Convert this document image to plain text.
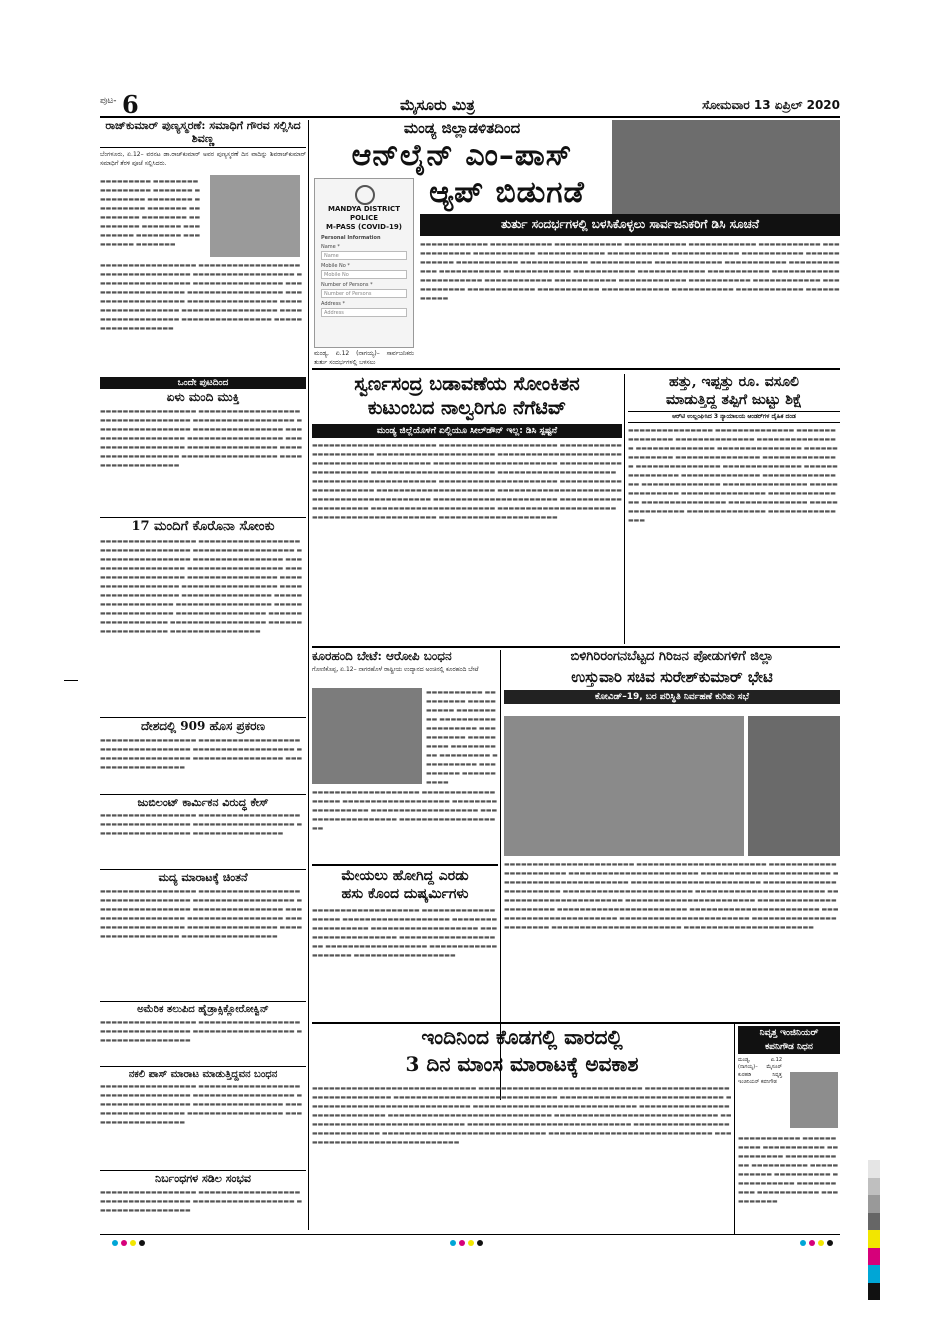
ಪುಟ- 6	ಮೈಸೂರು ಮಿತ್ರ	ಸೋಮವಾರ 13 ಏಪ್ರಿಲ್ 2020
ರಾಜ್‌ಕುಮಾರ್ ಪುಣ್ಯಸ್ಮರಣೆ: ಸಮಾಧಿಗೆ ಗೌರವ ಸಲ್ಲಿಸಿದ ಶಿವಣ್ಣ
ಬೆಂಗಳೂರು, ಏ.12– ವರನಟ ಡಾ.ರಾಜ್‌ಕುಮಾರ್ ಅವರ ಪುಣ್ಯಸ್ಮರಣೆ ದಿನ ವಾದಿನ್ನು ಶಿವರಾಜ್‌ಕುಮಾರ್ ಸಮಾಧಿಗೆ ತೆರಳಿ ಪೂಜೆ ಸಲ್ಲಿಸಿದರು.
▬▬▬▬▬▬▬▬▬ ▬▬▬▬▬▬▬▬ ▬▬▬▬▬▬▬▬▬ ▬▬▬▬▬▬▬ ▬▬▬▬▬▬▬▬▬ ▬▬▬▬▬▬▬▬ ▬▬▬▬▬▬▬▬▬ ▬▬▬▬▬▬▬ ▬▬▬▬▬▬▬▬▬ ▬▬▬▬▬▬▬▬ ▬▬▬▬▬▬▬▬▬ ▬▬▬▬▬▬▬ ▬▬▬▬▬▬▬▬▬ ▬▬▬▬▬▬▬▬ ▬▬▬▬▬▬▬▬▬ ▬▬▬▬▬▬▬
▬▬▬▬▬▬▬▬▬▬▬▬▬▬▬▬▬ ▬▬▬▬▬▬▬▬▬▬▬▬▬▬▬▬▬▬ ▬▬▬▬▬▬▬▬▬▬▬▬▬▬▬▬ ▬▬▬▬▬▬▬▬▬▬▬▬▬▬▬▬▬▬ ▬▬▬▬▬▬▬▬▬▬▬▬▬▬▬▬▬ ▬▬▬▬▬▬▬▬▬▬▬▬▬▬▬▬ ▬▬▬▬▬▬▬▬▬▬▬▬▬▬▬▬▬▬ ▬▬▬▬▬▬▬▬▬▬▬▬▬▬▬▬▬ ▬▬▬▬▬▬▬▬▬▬▬▬▬▬▬▬▬▬ ▬▬▬▬▬▬▬▬▬▬▬▬▬▬▬▬ ▬▬▬▬▬▬▬▬▬▬▬▬▬▬▬▬▬▬ ▬▬▬▬▬▬▬▬▬▬▬▬▬▬▬▬▬ ▬▬▬▬▬▬▬▬▬▬▬▬▬▬▬▬▬▬ ▬▬▬▬▬▬▬▬▬▬▬▬▬▬▬▬ ▬▬▬▬▬▬▬▬▬▬▬▬▬▬▬▬▬▬
ಒಂದೇ ಪುಟದಿಂದ
ಏಳು ಮಂದಿ ಮುಕ್ತಿ
▬▬▬▬▬▬▬▬▬▬▬▬▬▬▬▬▬ ▬▬▬▬▬▬▬▬▬▬▬▬▬▬▬▬▬▬ ▬▬▬▬▬▬▬▬▬▬▬▬▬▬▬▬ ▬▬▬▬▬▬▬▬▬▬▬▬▬▬▬▬▬▬ ▬▬▬▬▬▬▬▬▬▬▬▬▬▬▬▬▬ ▬▬▬▬▬▬▬▬▬▬▬▬▬▬▬▬ ▬▬▬▬▬▬▬▬▬▬▬▬▬▬▬▬▬▬ ▬▬▬▬▬▬▬▬▬▬▬▬▬▬▬▬▬ ▬▬▬▬▬▬▬▬▬▬▬▬▬▬▬▬▬▬ ▬▬▬▬▬▬▬▬▬▬▬▬▬▬▬▬ ▬▬▬▬▬▬▬▬▬▬▬▬▬▬▬▬▬▬ ▬▬▬▬▬▬▬▬▬▬▬▬▬▬▬▬▬ ▬▬▬▬▬▬▬▬▬▬▬▬▬▬▬▬▬▬
17 ಮಂದಿಗೆ ಕೊರೊನಾ ಸೋಂಕು
▬▬▬▬▬▬▬▬▬▬▬▬▬▬▬▬▬ ▬▬▬▬▬▬▬▬▬▬▬▬▬▬▬▬▬▬ ▬▬▬▬▬▬▬▬▬▬▬▬▬▬▬▬ ▬▬▬▬▬▬▬▬▬▬▬▬▬▬▬▬▬▬ ▬▬▬▬▬▬▬▬▬▬▬▬▬▬▬▬▬ ▬▬▬▬▬▬▬▬▬▬▬▬▬▬▬▬ ▬▬▬▬▬▬▬▬▬▬▬▬▬▬▬▬▬▬ ▬▬▬▬▬▬▬▬▬▬▬▬▬▬▬▬▬ ▬▬▬▬▬▬▬▬▬▬▬▬▬▬▬▬▬▬ ▬▬▬▬▬▬▬▬▬▬▬▬▬▬▬▬ ▬▬▬▬▬▬▬▬▬▬▬▬▬▬▬▬▬▬ ▬▬▬▬▬▬▬▬▬▬▬▬▬▬▬▬▬ ▬▬▬▬▬▬▬▬▬▬▬▬▬▬▬▬▬▬ ▬▬▬▬▬▬▬▬▬▬▬▬▬▬▬▬ ▬▬▬▬▬▬▬▬▬▬▬▬▬▬▬▬▬▬ ▬▬▬▬▬▬▬▬▬▬▬▬▬▬▬▬▬ ▬▬▬▬▬▬▬▬▬▬▬▬▬▬▬▬▬▬ ▬▬▬▬▬▬▬▬▬▬▬▬▬▬▬▬ ▬▬▬▬▬▬▬▬▬▬▬▬▬▬▬▬▬▬ ▬▬▬▬▬▬▬▬▬▬▬▬▬▬▬▬▬ ▬▬▬▬▬▬▬▬▬▬▬▬▬▬▬▬▬▬ ▬▬▬▬▬▬▬▬▬▬▬▬▬▬▬▬
ದೇಶದಲ್ಲಿ 909 ಹೊಸ ಪ್ರಕರಣ
▬▬▬▬▬▬▬▬▬▬▬▬▬▬▬▬▬ ▬▬▬▬▬▬▬▬▬▬▬▬▬▬▬▬▬▬ ▬▬▬▬▬▬▬▬▬▬▬▬▬▬▬▬ ▬▬▬▬▬▬▬▬▬▬▬▬▬▬▬▬▬▬ ▬▬▬▬▬▬▬▬▬▬▬▬▬▬▬▬▬ ▬▬▬▬▬▬▬▬▬▬▬▬▬▬▬▬ ▬▬▬▬▬▬▬▬▬▬▬▬▬▬▬▬▬▬
ಜುಬಿಲಂಟ್ ಕಾರ್ಮಿಕನ ವಿರುದ್ಧ ಕೇಸ್
▬▬▬▬▬▬▬▬▬▬▬▬▬▬▬▬▬ ▬▬▬▬▬▬▬▬▬▬▬▬▬▬▬▬▬▬ ▬▬▬▬▬▬▬▬▬▬▬▬▬▬▬▬ ▬▬▬▬▬▬▬▬▬▬▬▬▬▬▬▬▬▬ ▬▬▬▬▬▬▬▬▬▬▬▬▬▬▬▬▬ ▬▬▬▬▬▬▬▬▬▬▬▬▬▬▬▬
ಮದ್ಯ ಮಾರಾಟಕ್ಕೆ ಚಿಂತನೆ
▬▬▬▬▬▬▬▬▬▬▬▬▬▬▬▬▬ ▬▬▬▬▬▬▬▬▬▬▬▬▬▬▬▬▬▬ ▬▬▬▬▬▬▬▬▬▬▬▬▬▬▬▬ ▬▬▬▬▬▬▬▬▬▬▬▬▬▬▬▬▬▬ ▬▬▬▬▬▬▬▬▬▬▬▬▬▬▬▬▬ ▬▬▬▬▬▬▬▬▬▬▬▬▬▬▬▬ ▬▬▬▬▬▬▬▬▬▬▬▬▬▬▬▬▬▬ ▬▬▬▬▬▬▬▬▬▬▬▬▬▬▬▬▬ ▬▬▬▬▬▬▬▬▬▬▬▬▬▬▬▬▬▬ ▬▬▬▬▬▬▬▬▬▬▬▬▬▬▬▬ ▬▬▬▬▬▬▬▬▬▬▬▬▬▬▬▬▬▬ ▬▬▬▬▬▬▬▬▬▬▬▬▬▬▬▬▬
ಅಮೆರಿಕ ತಲುಪಿದ ಹೈಡ್ರಾಕ್ಸಿಕ್ಲೋರೋಕ್ವಿನ್
▬▬▬▬▬▬▬▬▬▬▬▬▬▬▬▬▬ ▬▬▬▬▬▬▬▬▬▬▬▬▬▬▬▬▬▬ ▬▬▬▬▬▬▬▬▬▬▬▬▬▬▬▬ ▬▬▬▬▬▬▬▬▬▬▬▬▬▬▬▬▬▬ ▬▬▬▬▬▬▬▬▬▬▬▬▬▬▬▬▬
ನಕಲಿ ಪಾಸ್ ಮಾರಾಟ ಮಾಡುತ್ತಿದ್ದವನ ಬಂಧನ
▬▬▬▬▬▬▬▬▬▬▬▬▬▬▬▬▬ ▬▬▬▬▬▬▬▬▬▬▬▬▬▬▬▬▬▬ ▬▬▬▬▬▬▬▬▬▬▬▬▬▬▬▬ ▬▬▬▬▬▬▬▬▬▬▬▬▬▬▬▬▬▬ ▬▬▬▬▬▬▬▬▬▬▬▬▬▬▬▬▬ ▬▬▬▬▬▬▬▬▬▬▬▬▬▬▬▬ ▬▬▬▬▬▬▬▬▬▬▬▬▬▬▬▬▬▬ ▬▬▬▬▬▬▬▬▬▬▬▬▬▬▬▬▬ ▬▬▬▬▬▬▬▬▬▬▬▬▬▬▬▬▬▬
ನಿರ್ಬಂಧಗಳ ಸಡಿಲ ಸಂಭವ
▬▬▬▬▬▬▬▬▬▬▬▬▬▬▬▬▬ ▬▬▬▬▬▬▬▬▬▬▬▬▬▬▬▬▬▬ ▬▬▬▬▬▬▬▬▬▬▬▬▬▬▬▬ ▬▬▬▬▬▬▬▬▬▬▬▬▬▬▬▬▬▬ ▬▬▬▬▬▬▬▬▬▬▬▬▬▬▬▬▬
ಮಂಡ್ಯ ಜಿಲ್ಲಾಡಳಿತದಿಂದ
ಆನ್‌ಲೈನ್ ಎಂ–ಪಾಸ್
ಆ್ಯಪ್ ಬಿಡುಗಡೆ
ತುರ್ತು ಸಂದರ್ಭಗಳಲ್ಲಿ ಬಳಸಿಕೊಳ್ಳಲು ಸಾರ್ವಜನಿಕರಿಗೆ ಡಿಸಿ ಸೂಚನೆ
MANDYA DISTRICT
POLICE
M-PASS (COVID-19)
Personal Information
Name *
Name
Mobile No *
Mobile No
Number of Persons *
Number of Persons
Address *
Address
ಮಂಡ್ಯ, ಏ.12 (ನಾಗಯ್ಯ)– ಸಾರ್ವಜನಿಕರು ತುರ್ತು ಸಂದರ್ಭಗಳಲ್ಲಿ ಬಳಸಲು
▬▬▬▬▬▬▬▬▬▬▬▬ ▬▬▬▬▬▬▬▬▬▬▬ ▬▬▬▬▬▬▬▬▬▬▬▬ ▬▬▬▬▬▬▬▬▬▬▬ ▬▬▬▬▬▬▬▬▬▬▬▬ ▬▬▬▬▬▬▬▬▬▬▬ ▬▬▬▬▬▬▬▬▬▬▬▬ ▬▬▬▬▬▬▬▬▬▬▬ ▬▬▬▬▬▬▬▬▬▬▬▬ ▬▬▬▬▬▬▬▬▬▬▬ ▬▬▬▬▬▬▬▬▬▬▬▬ ▬▬▬▬▬▬▬▬▬▬▬ ▬▬▬▬▬▬▬▬▬▬▬▬ ▬▬▬▬▬▬▬▬▬▬▬ ▬▬▬▬▬▬▬▬▬▬▬▬ ▬▬▬▬▬▬▬▬▬▬▬ ▬▬▬▬▬▬▬▬▬▬▬▬ ▬▬▬▬▬▬▬▬▬▬▬ ▬▬▬▬▬▬▬▬▬▬▬▬ ▬▬▬▬▬▬▬▬▬▬▬ ▬▬▬▬▬▬▬▬▬▬▬▬ ▬▬▬▬▬▬▬▬▬▬▬ ▬▬▬▬▬▬▬▬▬▬▬▬ ▬▬▬▬▬▬▬▬▬▬▬ ▬▬▬▬▬▬▬▬▬▬▬▬ ▬▬▬▬▬▬▬▬▬▬▬ ▬▬▬▬▬▬▬▬▬▬▬▬ ▬▬▬▬▬▬▬▬▬▬▬ ▬▬▬▬▬▬▬▬▬▬▬▬ ▬▬▬▬▬▬▬▬▬▬▬ ▬▬▬▬▬▬▬▬▬▬▬▬ ▬▬▬▬▬▬▬▬▬▬▬ ▬▬▬▬▬▬▬▬▬▬▬▬ ▬▬▬▬▬▬▬▬▬▬▬ ▬▬▬▬▬▬▬▬▬▬▬▬ ▬▬▬▬▬▬▬▬▬▬▬ ▬▬▬▬▬▬▬▬▬▬▬▬ ▬▬▬▬▬▬▬▬▬▬▬
ಸ್ವರ್ಣಸಂದ್ರ ಬಡಾವಣೆಯ ಸೋಂಕಿತನ
ಕುಟುಂಬದ ನಾಲ್ವರಿಗೂ ನೆಗೆಟಿವ್
ಮಂಡ್ಯ ಜಿಲ್ಲೆಯೊಳಗೆ ಏಲ್ಲಿಯೂ ಸೀಲ್‌ಡೌನ್ ಇಲ್ಲ: ಡಿಸಿ ಸ್ಪಷ್ಟನೆ
▬▬▬▬▬▬▬▬▬▬▬▬▬▬▬▬▬▬▬▬▬▬ ▬▬▬▬▬▬▬▬▬▬▬▬▬▬▬▬▬▬▬▬▬ ▬▬▬▬▬▬▬▬▬▬▬▬▬▬▬▬▬▬▬▬▬▬ ▬▬▬▬▬▬▬▬▬▬▬▬▬▬▬▬▬▬▬▬▬ ▬▬▬▬▬▬▬▬▬▬▬▬▬▬▬▬▬▬▬▬▬▬ ▬▬▬▬▬▬▬▬▬▬▬▬▬▬▬▬▬▬▬▬▬ ▬▬▬▬▬▬▬▬▬▬▬▬▬▬▬▬▬▬▬▬▬▬ ▬▬▬▬▬▬▬▬▬▬▬▬▬▬▬▬▬▬▬▬▬ ▬▬▬▬▬▬▬▬▬▬▬▬▬▬▬▬▬▬▬▬▬▬ ▬▬▬▬▬▬▬▬▬▬▬▬▬▬▬▬▬▬▬▬▬ ▬▬▬▬▬▬▬▬▬▬▬▬▬▬▬▬▬▬▬▬▬▬ ▬▬▬▬▬▬▬▬▬▬▬▬▬▬▬▬▬▬▬▬▬ ▬▬▬▬▬▬▬▬▬▬▬▬▬▬▬▬▬▬▬▬▬▬ ▬▬▬▬▬▬▬▬▬▬▬▬▬▬▬▬▬▬▬▬▬ ▬▬▬▬▬▬▬▬▬▬▬▬▬▬▬▬▬▬▬▬▬▬ ▬▬▬▬▬▬▬▬▬▬▬▬▬▬▬▬▬▬▬▬▬ ▬▬▬▬▬▬▬▬▬▬▬▬▬▬▬▬▬▬▬▬▬▬ ▬▬▬▬▬▬▬▬▬▬▬▬▬▬▬▬▬▬▬▬▬ ▬▬▬▬▬▬▬▬▬▬▬▬▬▬▬▬▬▬▬▬▬▬ ▬▬▬▬▬▬▬▬▬▬▬▬▬▬▬▬▬▬▬▬▬ ▬▬▬▬▬▬▬▬▬▬▬▬▬▬▬▬▬▬▬▬▬▬ ▬▬▬▬▬▬▬▬▬▬▬▬▬▬▬▬▬▬▬▬▬
ಹತ್ತು, ಇಪ್ಪತ್ತು ರೂ. ವಸೂಲಿ
ಮಾಡುತ್ತಿದ್ದ ತಪ್ಪಿಗೆ ಜುಟ್ಟು ಶಿಕ್ಷೆ
ಆರ್‌ಟಿ ಉಲ್ಲಂಘಿಸಿದ 3 ನ್ಯಾಯಾಲಯ ಆಂಡರ್‌ಗಳ ದೈಹಿಕ ದಂಡ
▬▬▬▬▬▬▬▬▬▬▬▬▬▬▬ ▬▬▬▬▬▬▬▬▬▬▬▬▬▬ ▬▬▬▬▬▬▬▬▬▬▬▬▬▬▬ ▬▬▬▬▬▬▬▬▬▬▬▬▬▬ ▬▬▬▬▬▬▬▬▬▬▬▬▬▬▬ ▬▬▬▬▬▬▬▬▬▬▬▬▬▬ ▬▬▬▬▬▬▬▬▬▬▬▬▬▬▬ ▬▬▬▬▬▬▬▬▬▬▬▬▬▬ ▬▬▬▬▬▬▬▬▬▬▬▬▬▬▬ ▬▬▬▬▬▬▬▬▬▬▬▬▬▬ ▬▬▬▬▬▬▬▬▬▬▬▬▬▬▬ ▬▬▬▬▬▬▬▬▬▬▬▬▬▬ ▬▬▬▬▬▬▬▬▬▬▬▬▬▬▬ ▬▬▬▬▬▬▬▬▬▬▬▬▬▬ ▬▬▬▬▬▬▬▬▬▬▬▬▬▬▬ ▬▬▬▬▬▬▬▬▬▬▬▬▬▬ ▬▬▬▬▬▬▬▬▬▬▬▬▬▬▬ ▬▬▬▬▬▬▬▬▬▬▬▬▬▬ ▬▬▬▬▬▬▬▬▬▬▬▬▬▬▬ ▬▬▬▬▬▬▬▬▬▬▬▬▬▬ ▬▬▬▬▬▬▬▬▬▬▬▬▬▬▬ ▬▬▬▬▬▬▬▬▬▬▬▬▬▬ ▬▬▬▬▬▬▬▬▬▬▬▬▬▬▬ ▬▬▬▬▬▬▬▬▬▬▬▬▬▬ ▬▬▬▬▬▬▬▬▬▬▬▬▬▬▬
ಕೂರಹಂದಿ ಬೇಟೆ: ಆರೋಪಿ ಬಂಧನ
ಗೋಣಿಕೊಪ್ಪ, ಏ.12– ನಾಗರಹೊಳೆ ರಾಷ್ಟ್ರೀಯ ಉದ್ಯಾನದ ಅಂಚಿನಲ್ಲಿ ಕೂರಹಂದಿ ಬೇಟೆ
▬▬▬▬▬▬▬▬▬▬ ▬▬▬▬▬▬▬▬▬ ▬▬▬▬▬▬▬▬▬▬ ▬▬▬▬▬▬▬▬▬ ▬▬▬▬▬▬▬▬▬▬ ▬▬▬▬▬▬▬▬▬ ▬▬▬▬▬▬▬▬▬▬ ▬▬▬▬▬▬▬▬▬ ▬▬▬▬▬▬▬▬▬▬ ▬▬▬▬▬▬▬▬▬ ▬▬▬▬▬▬▬▬▬▬ ▬▬▬▬▬▬▬▬▬ ▬▬▬▬▬▬▬▬▬▬
▬▬▬▬▬▬▬▬▬▬▬▬▬▬▬▬▬▬▬ ▬▬▬▬▬▬▬▬▬▬▬▬▬▬▬▬▬▬ ▬▬▬▬▬▬▬▬▬▬▬▬▬▬▬▬▬▬▬ ▬▬▬▬▬▬▬▬▬▬▬▬▬▬▬▬▬▬ ▬▬▬▬▬▬▬▬▬▬▬▬▬▬▬▬▬▬▬ ▬▬▬▬▬▬▬▬▬▬▬▬▬▬▬▬▬▬ ▬▬▬▬▬▬▬▬▬▬▬▬▬▬▬▬▬▬▬
ಬಿಳಿಗಿರಿರಂಗನಬೆಟ್ಟದ ಗಿರಿಜನ ಪೋಡುಗಳಿಗೆ ಜಿಲ್ಲಾ
ಉಸ್ತುವಾರಿ ಸಚಿವ ಸುರೇಶ್‌ಕುಮಾರ್ ಭೇಟಿ
ಕೋವಿಡ್–19, ಬರ ಪರಿಸ್ಥಿತಿ ನಿರ್ವಹಣೆ ಕುರಿತು ಸಭೆ
▬▬▬▬▬▬▬▬▬▬▬▬▬▬▬▬▬▬▬▬▬▬▬ ▬▬▬▬▬▬▬▬▬▬▬▬▬▬▬▬▬▬▬▬▬▬▬ ▬▬▬▬▬▬▬▬▬▬▬▬▬▬▬▬▬▬▬▬▬▬▬ ▬▬▬▬▬▬▬▬▬▬▬▬▬▬▬▬▬▬▬▬▬▬▬ ▬▬▬▬▬▬▬▬▬▬▬▬▬▬▬▬▬▬▬▬▬▬▬ ▬▬▬▬▬▬▬▬▬▬▬▬▬▬▬▬▬▬▬▬▬▬▬ ▬▬▬▬▬▬▬▬▬▬▬▬▬▬▬▬▬▬▬▬▬▬▬ ▬▬▬▬▬▬▬▬▬▬▬▬▬▬▬▬▬▬▬▬▬▬▬ ▬▬▬▬▬▬▬▬▬▬▬▬▬▬▬▬▬▬▬▬▬▬▬ ▬▬▬▬▬▬▬▬▬▬▬▬▬▬▬▬▬▬▬▬▬▬▬ ▬▬▬▬▬▬▬▬▬▬▬▬▬▬▬▬▬▬▬▬▬▬▬ ▬▬▬▬▬▬▬▬▬▬▬▬▬▬▬▬▬▬▬▬▬▬▬ ▬▬▬▬▬▬▬▬▬▬▬▬▬▬▬▬▬▬▬▬▬▬▬ ▬▬▬▬▬▬▬▬▬▬▬▬▬▬▬▬▬▬▬▬▬▬▬ ▬▬▬▬▬▬▬▬▬▬▬▬▬▬▬▬▬▬▬▬▬▬▬ ▬▬▬▬▬▬▬▬▬▬▬▬▬▬▬▬▬▬▬▬▬▬▬ ▬▬▬▬▬▬▬▬▬▬▬▬▬▬▬▬▬▬▬▬▬▬▬ ▬▬▬▬▬▬▬▬▬▬▬▬▬▬▬▬▬▬▬▬▬▬▬ ▬▬▬▬▬▬▬▬▬▬▬▬▬▬▬▬▬▬▬▬▬▬▬ ▬▬▬▬▬▬▬▬▬▬▬▬▬▬▬▬▬▬▬▬▬▬▬
ಮೇಯಲು ಹೋಗಿದ್ದ ಎರಡು
ಹಸು ಕೊಂದ ದುಷ್ಕರ್ಮಿಗಳು
▬▬▬▬▬▬▬▬▬▬▬▬▬▬▬▬▬▬▬ ▬▬▬▬▬▬▬▬▬▬▬▬▬▬▬▬▬▬ ▬▬▬▬▬▬▬▬▬▬▬▬▬▬▬▬▬▬▬ ▬▬▬▬▬▬▬▬▬▬▬▬▬▬▬▬▬▬ ▬▬▬▬▬▬▬▬▬▬▬▬▬▬▬▬▬▬▬ ▬▬▬▬▬▬▬▬▬▬▬▬▬▬▬▬▬▬ ▬▬▬▬▬▬▬▬▬▬▬▬▬▬▬▬▬▬▬ ▬▬▬▬▬▬▬▬▬▬▬▬▬▬▬▬▬▬ ▬▬▬▬▬▬▬▬▬▬▬▬▬▬▬▬▬▬▬ ▬▬▬▬▬▬▬▬▬▬▬▬▬▬▬▬▬▬
ಇಂದಿನಿಂದ ಕೊಡಗಲ್ಲಿ ವಾರದಲ್ಲಿ
3 ದಿನ ಮಾಂಸ ಮಾರಾಟಕ್ಕೆ ಅವಕಾಶ
▬▬▬▬▬▬▬▬▬▬▬▬▬▬▬▬▬▬▬▬▬▬▬▬▬▬▬▬▬ ▬▬▬▬▬▬▬▬▬▬▬▬▬▬▬▬▬▬▬▬▬▬▬▬▬▬▬▬▬ ▬▬▬▬▬▬▬▬▬▬▬▬▬▬▬▬▬▬▬▬▬▬▬▬▬▬▬▬▬ ▬▬▬▬▬▬▬▬▬▬▬▬▬▬▬▬▬▬▬▬▬▬▬▬▬▬▬▬▬ ▬▬▬▬▬▬▬▬▬▬▬▬▬▬▬▬▬▬▬▬▬▬▬▬▬▬▬▬▬ ▬▬▬▬▬▬▬▬▬▬▬▬▬▬▬▬▬▬▬▬▬▬▬▬▬▬▬▬▬ ▬▬▬▬▬▬▬▬▬▬▬▬▬▬▬▬▬▬▬▬▬▬▬▬▬▬▬▬▬ ▬▬▬▬▬▬▬▬▬▬▬▬▬▬▬▬▬▬▬▬▬▬▬▬▬▬▬▬▬ ▬▬▬▬▬▬▬▬▬▬▬▬▬▬▬▬▬▬▬▬▬▬▬▬▬▬▬▬▬ ▬▬▬▬▬▬▬▬▬▬▬▬▬▬▬▬▬▬▬▬▬▬▬▬▬▬▬▬▬ ▬▬▬▬▬▬▬▬▬▬▬▬▬▬▬▬▬▬▬▬▬▬▬▬▬▬▬▬▬ ▬▬▬▬▬▬▬▬▬▬▬▬▬▬▬▬▬▬▬▬▬▬▬▬▬▬▬▬▬ ▬▬▬▬▬▬▬▬▬▬▬▬▬▬▬▬▬▬▬▬▬▬▬▬▬▬▬▬▬ ▬▬▬▬▬▬▬▬▬▬▬▬▬▬▬▬▬▬▬▬▬▬▬▬▬▬▬▬▬ ▬▬▬▬▬▬▬▬▬▬▬▬▬▬▬▬▬▬▬▬▬▬▬▬▬▬▬▬▬ ▬▬▬▬▬▬▬▬▬▬▬▬▬▬▬▬▬▬▬▬▬▬▬▬▬▬▬▬▬
ನಿವೃತ್ತ ಇಂಜಿನಿಯರ್
ಕಪನಿಗೌಡ ನಿಧನ
ಮಂಡ್ಯ, ಏ.12 (ನಾಗಯ್ಯ)– ಮೈಸೂರ್ ಕುರಹಡಿ ನಿವೃತ್ತ ಇಂಜಿನಿಯರ್ ಕಪನಿಗೌಡ
▬▬▬▬▬▬▬▬▬▬▬ ▬▬▬▬▬▬▬▬▬▬ ▬▬▬▬▬▬▬▬▬▬▬ ▬▬▬▬▬▬▬▬▬▬ ▬▬▬▬▬▬▬▬▬▬▬ ▬▬▬▬▬▬▬▬▬▬ ▬▬▬▬▬▬▬▬▬▬▬ ▬▬▬▬▬▬▬▬▬▬ ▬▬▬▬▬▬▬▬▬▬▬ ▬▬▬▬▬▬▬▬▬▬ ▬▬▬▬▬▬▬▬▬▬▬ ▬▬▬▬▬▬▬▬▬▬
